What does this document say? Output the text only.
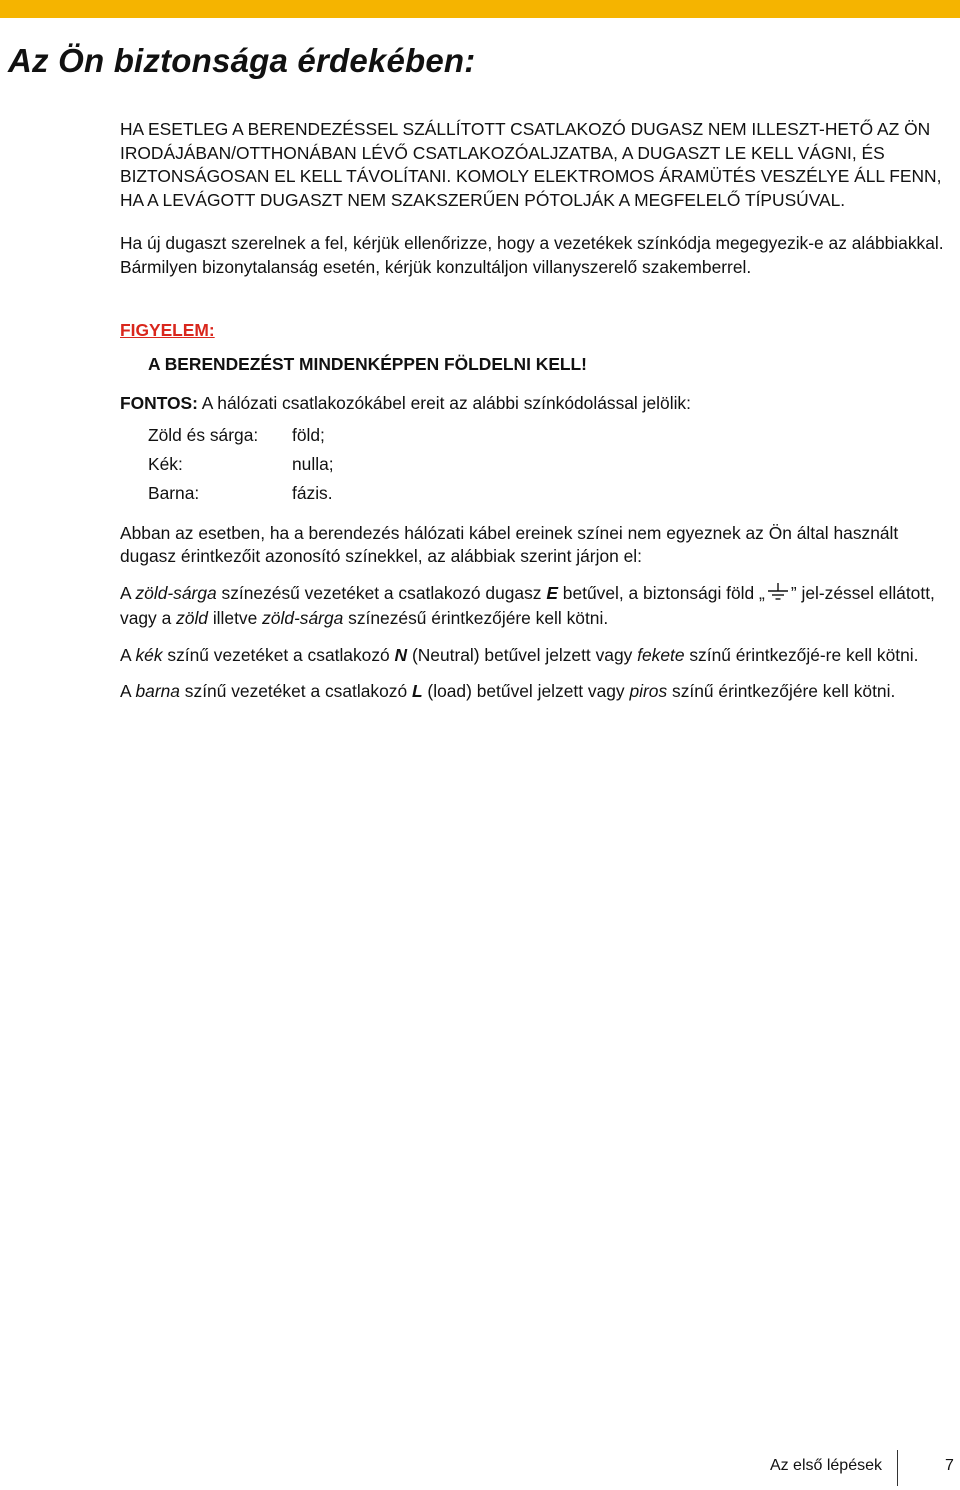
Az Ön biztonsága érdekében:

HA ESETLEG A BERENDEZÉSSEL SZÁLLÍTOTT CSATLAKOZÓ DUGASZ NEM ILLESZT-HETŐ AZ ÖN IRODÁJÁBAN/OTTHONÁBAN LÉVŐ CSATLAKOZÓALJZATBA, A DUGASZT LE KELL VÁGNI, ÉS BIZTONSÁGOSAN EL KELL TÁVOLÍTANI. KOMOLY ELEKTROMOS ÁRAMÜTÉS VESZÉLYE ÁLL FENN, HA A LEVÁGOTT DUGASZT NEM SZAKSZERŰEN PÓTOLJÁK A MEGFELELŐ TÍPUSÚVAL.

Ha új dugaszt szerelnek a fel, kérjük ellenőrizze, hogy a vezetékek színkódja megegyezik-e az alábbiakkal. Bármilyen bizonytalanság esetén, kérjük konzultáljon villanyszerelő szakemberrel.

FIGYELEM:

A BERENDEZÉST MINDENKÉPPEN FÖLDELNI KELL!

FONTOS: A hálózati csatlakozókábel ereit az alábbi színkódolással jelölik:

Zöld és sárga:	föld;
Kék:	nulla;
Barna:	fázis.

Abban az esetben, ha a berendezés hálózati kábel ereinek színei nem egyeznek az Ön által használt dugasz érintkezőit azonosító színekkel, az alábbiak szerint járjon el:

A zöld-sárga színezésű vezetéket a csatlakozó dugasz E betűvel, a biztonsági föld „ ” jel-zéssel ellátott, vagy a zöld illetve zöld-sárga színezésű érintkezőjére kell kötni.

A kék színű vezetéket a csatlakozó N (Neutral) betűvel jelzett vagy fekete színű érintkezőjé-re kell kötni.

A barna színű vezetéket a csatlakozó L (load) betűvel jelzett vagy piros színű érintkezőjére kell kötni.

Az első lépések	7
